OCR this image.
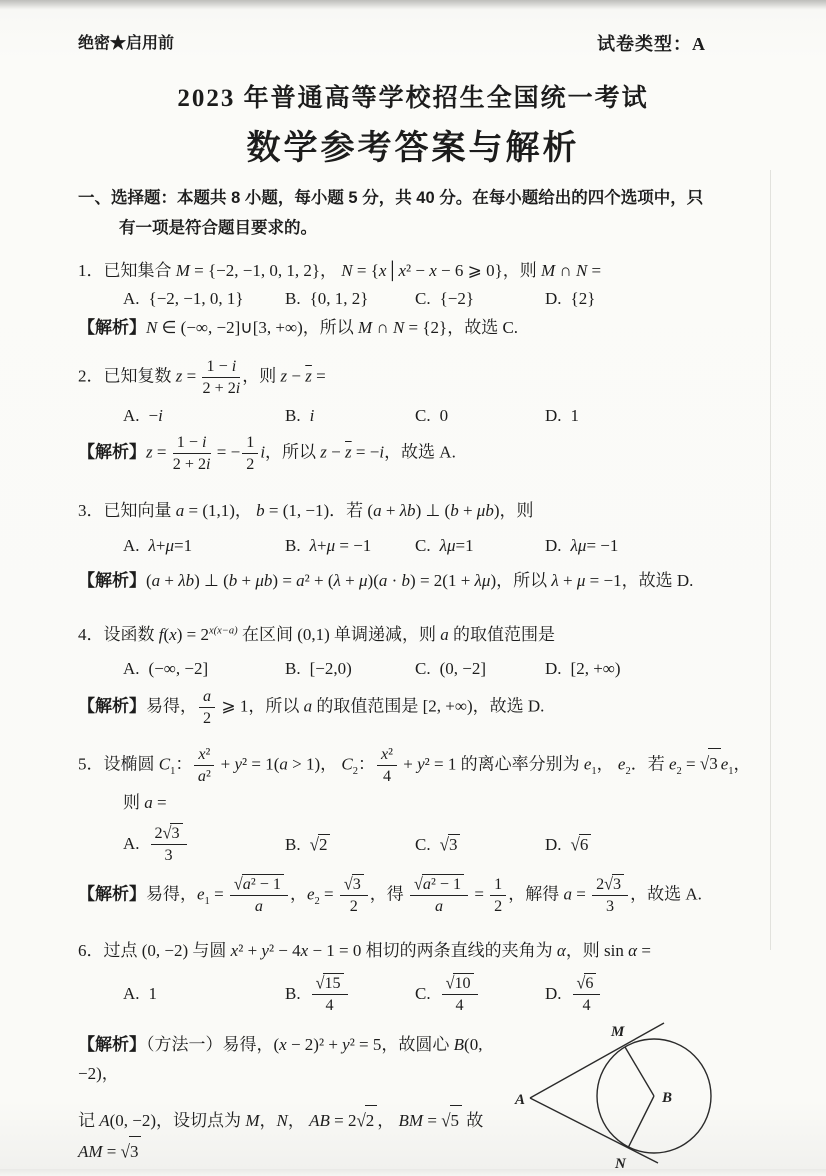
绝密★启用前	试卷类型：A
2023 年普通高等学校招生全国统一考试
数学参考答案与解析
一、选择题：本题共 8 小题，每小题 5 分，共 40 分。在每小题给出的四个选项中，只
有一项是符合题目要求的。
1．已知集合 M = {−2, −1, 0, 1, 2}， N = {x│x² − x − 6 ⩾ 0}，则 M ∩ N =
A. {−2, −1, 0, 1}	B. {0, 1, 2}	C. {−2}	D. {2}
【解析】N ∈ (−∞, −2]∪[3, +∞)，所以 M ∩ N = {2}，故选 C.
2．已知复数 $z = \frac{1 - i}{2 + 2i}$ ，则 $z - \overline{z}$ =
A. −i	B. i	C. 0	D. 1
【解析】$z = \frac{1 - i}{2 + 2i}$ = − $\frac{1}{2}$ i，所以 $z - \overline{z} = -i$，故选 A.
3．已知向量 a = (1,1)， b = (1, −1)．若 (a + λb) ⊥ (b + μb)，则
A. λ+μ=1	B. λ+μ = −1	C. λμ=1	D. λμ= −1
【解析】(a + λb) ⊥ (b + μb) = a² + (λ + μ)(a · b) = 2(1 + λμ)，所以 λ + μ = −1，故选 D.
4．设函数 $f(x) = 2^{x(x-a)}$ 在区间 (0,1) 单调递减，则 a 的取值范围是
A. (−∞, −2]	B. [−2,0)	C. (0, −2]	D. [2, +∞)
【解析】易得， $\frac{a}{2}$ ⩾ 1，所以 a 的取值范围是 [2, +∞)，故选 D.
5．设椭圆 $C_1$： $\frac{\text{x²}}{\text{a²}} + y^2 = 1(a > 1)$， $C_2$： $\frac{\text{x²}}{4} + y^2 = 1$ 的离心率分别为 $e_1$， $e_2$．若 $e_2 = √3$ $e_1$，
则 a =
A. $\frac{2√3}{3}$	B. √2	C. √3	D. √6
【解析】易得，$e_1 = \frac{\text{√a² − 1}}{a}$ ，$e_2 = \frac{√3}{2}$ ，得 $\frac{\text{√a² − 1}}{a} = \frac{1}{2}$ ，解得 $a = \frac{2√3}{3}$ ，故选 A.
6．过点 (0, −2) 与圆 x² + y² − 4x − 1 = 0 相切的两条直线的夹角为 α，则 sin α =
A. 1	B. $\frac{√15}{4}$	C. $\frac{√10}{4}$	D. $\frac{√6}{4}$
【解析】（方法一）易得，(x − 2)² + y² = 5，故圆心 B(0, −2)，
记 A(0, −2)，设切点为 M，N， AB = 2√2 ， BM = √5 故 AM = √3
A
M
B
N
